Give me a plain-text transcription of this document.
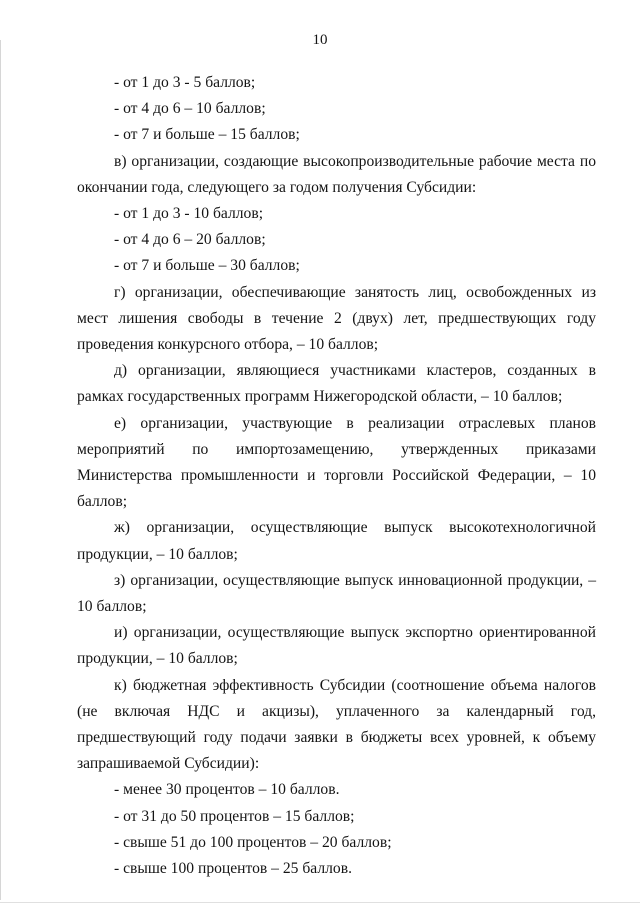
10

- от 1 до 3 - 5 баллов;

- от 4 до 6 – 10 баллов;

- от 7 и больше – 15 баллов;

в) организации, создающие высокопроизводительные рабочие места по окончании года, следующего за годом получения Субсидии:

- от 1 до 3 - 10 баллов;

- от 4 до 6 – 20 баллов;

- от 7 и больше – 30 баллов;

г) организации, обеспечивающие занятость лиц, освобожденных из мест лишения свободы в течение 2 (двух) лет, предшествующих году проведения конкурсного отбора, – 10 баллов;

д) организации, являющиеся участниками кластеров, созданных в рамках государственных программ Нижегородской области, – 10 баллов;

е) организации, участвующие в реализации отраслевых планов мероприятий по импортозамещению, утвержденных приказами Министерства промышленности и торговли Российской Федерации, – 10 баллов;

ж) организации, осуществляющие выпуск высокотехнологичной продукции, – 10 баллов;

з) организации, осуществляющие выпуск инновационной продукции, – 10 баллов;

и) организации, осуществляющие выпуск экспортно ориентированной продукции, – 10 баллов;

к) бюджетная эффективность Субсидии (соотношение объема налогов (не включая НДС и акцизы), уплаченного за календарный год, предшествующий году подачи заявки в бюджеты всех уровней, к объему запрашиваемой Субсидии):

- менее 30 процентов – 10 баллов.

- от 31 до 50 процентов – 15 баллов;

- свыше 51 до 100 процентов – 20 баллов;

- свыше 100 процентов – 25 баллов.
